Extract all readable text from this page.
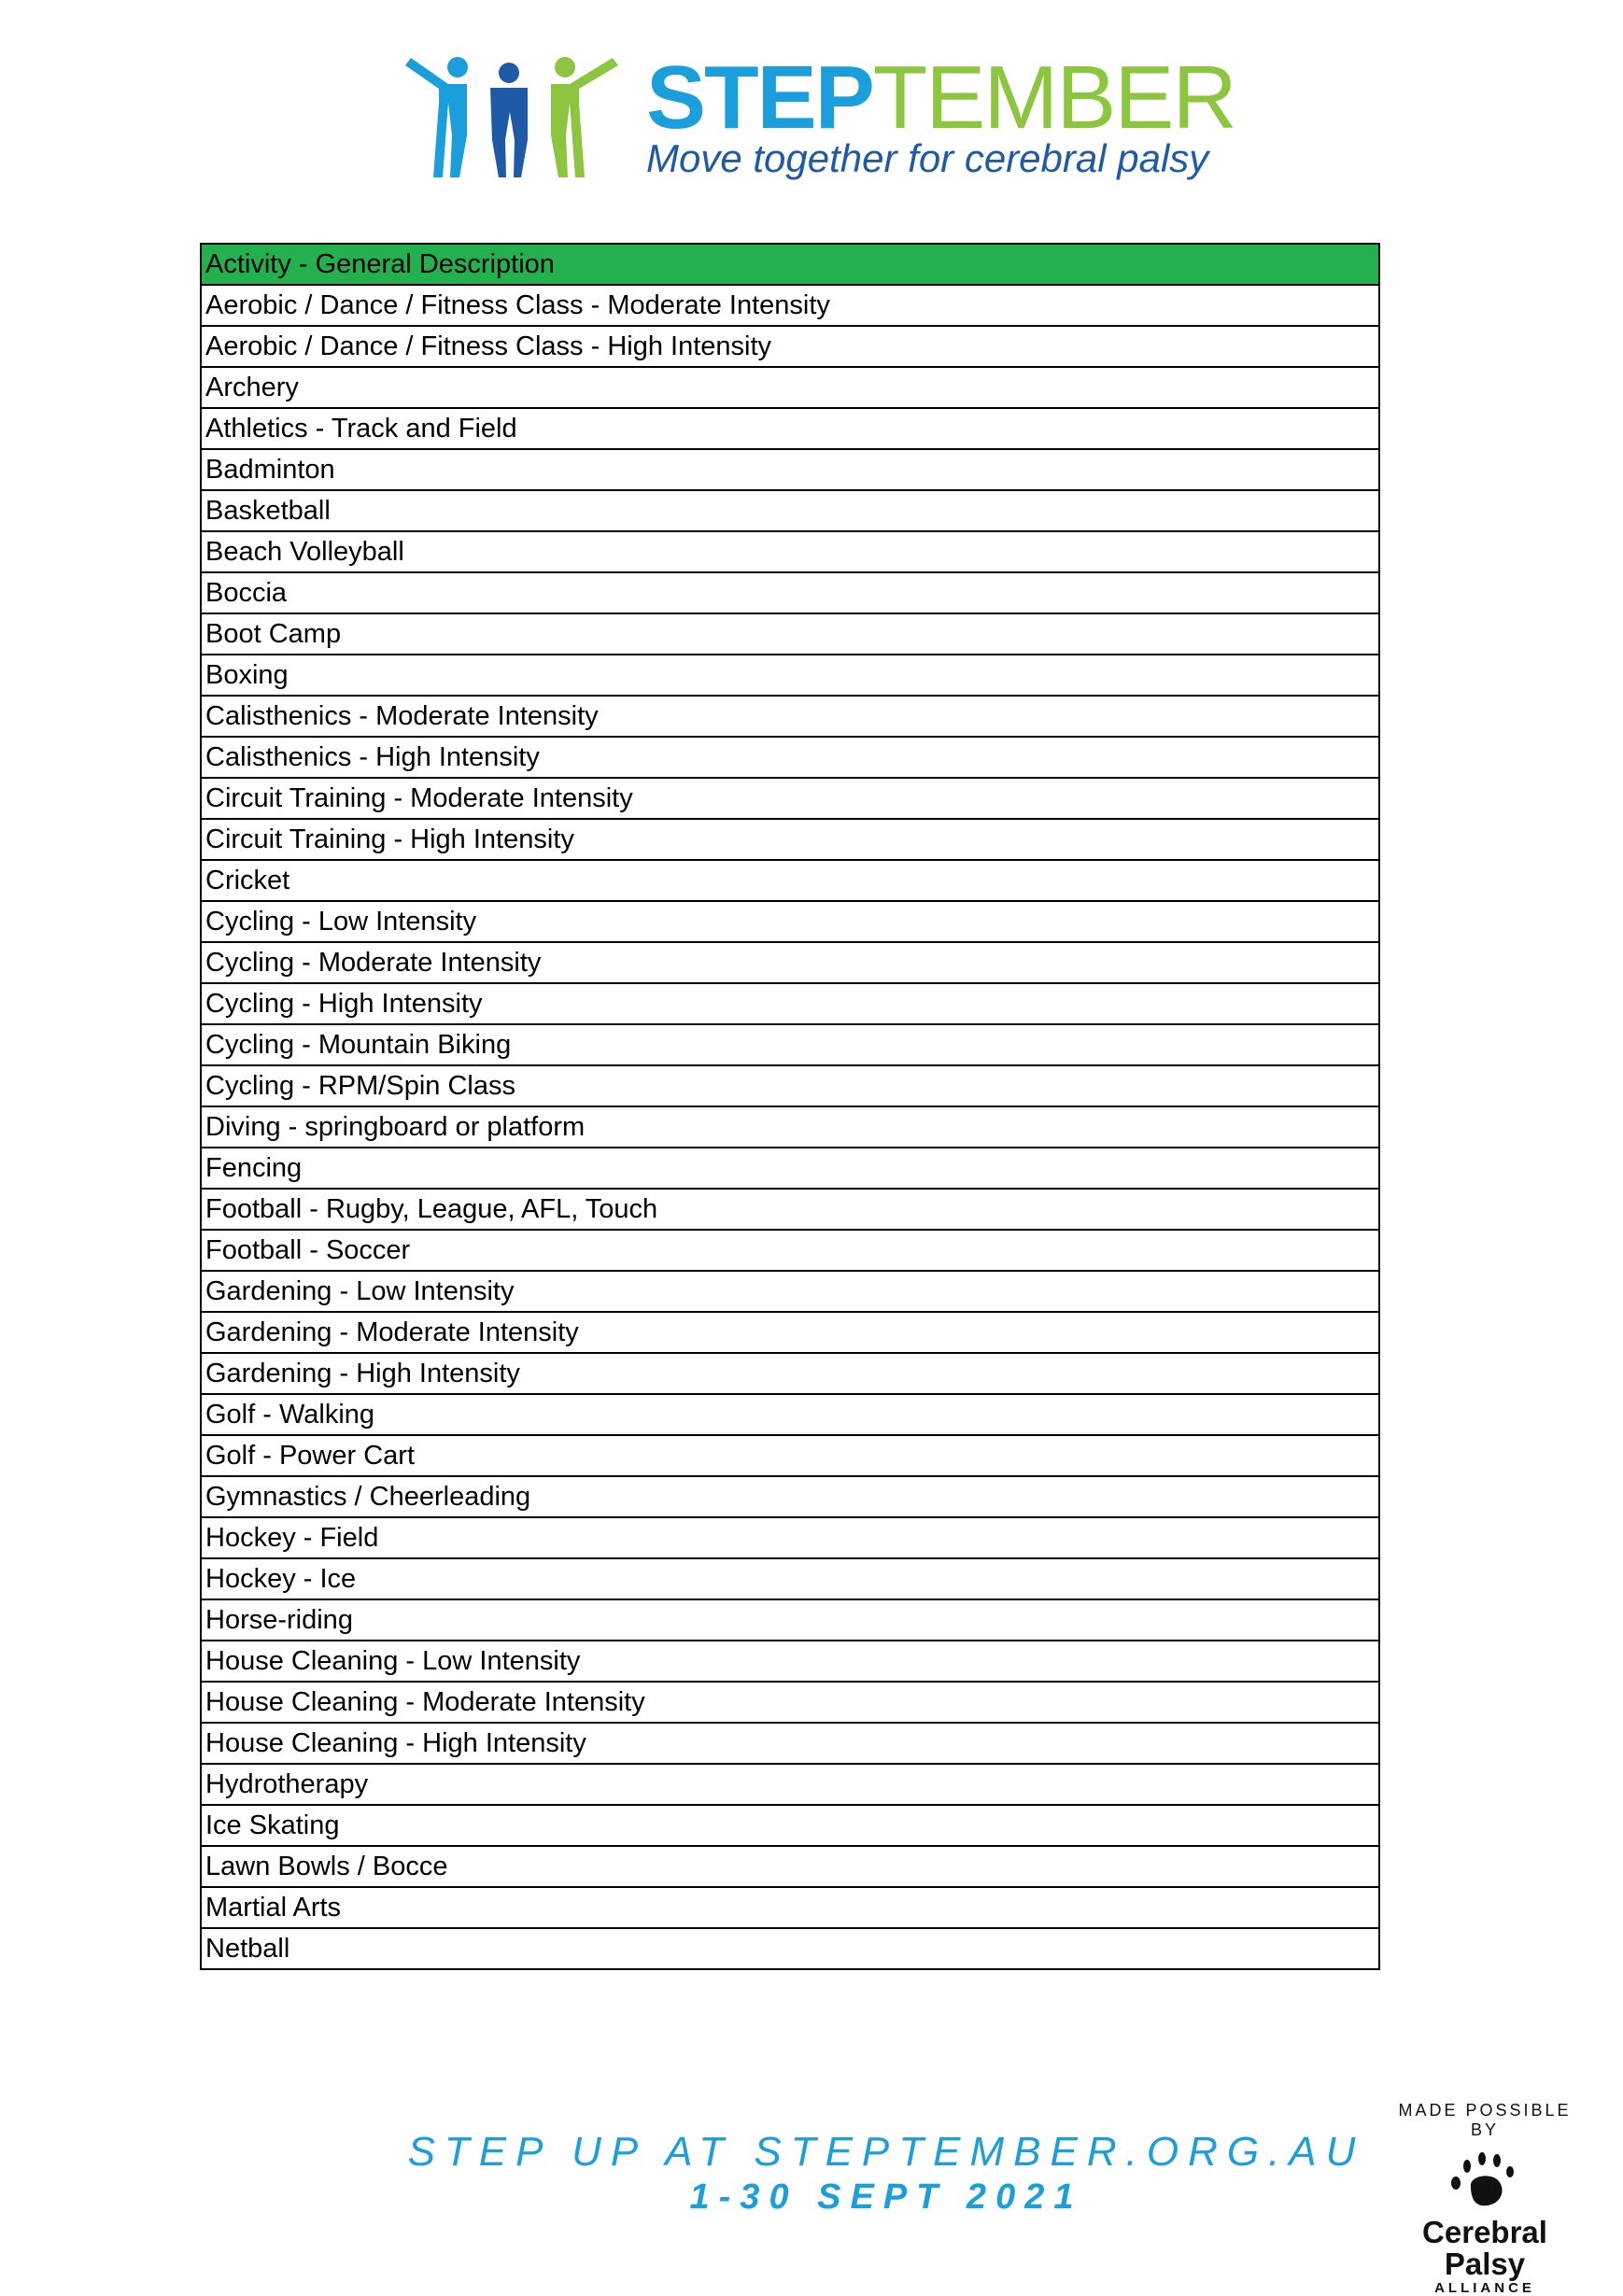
STEPTEMBER
Move together for cerebral palsy
Activity - General Description
Aerobic / Dance / Fitness Class - Moderate Intensity
Aerobic / Dance / Fitness Class - High Intensity
Archery
Athletics - Track and Field
Badminton
Basketball
Beach Volleyball
Boccia
Boot Camp
Boxing
Calisthenics - Moderate Intensity
Calisthenics - High Intensity
Circuit Training - Moderate Intensity
Circuit Training - High Intensity
Cricket
Cycling - Low Intensity
Cycling - Moderate Intensity
Cycling - High Intensity
Cycling - Mountain Biking
Cycling - RPM/Spin Class
Diving - springboard or platform
Fencing
Football - Rugby, League, AFL, Touch
Football - Soccer
Gardening - Low Intensity
Gardening - Moderate Intensity
Gardening - High Intensity
Golf - Walking
Golf - Power Cart
Gymnastics / Cheerleading
Hockey - Field
Hockey - Ice
Horse-riding
House Cleaning - Low Intensity
House Cleaning - Moderate Intensity
House Cleaning - High Intensity
Hydrotherapy
Ice Skating
Lawn Bowls / Bocce
Martial Arts
Netball
STEP UP AT STEPTEMBER.ORG.AU
1-30 SEPT 2021
MADE POSSIBLE BY
Cerebral Palsy
ALLIANCE
